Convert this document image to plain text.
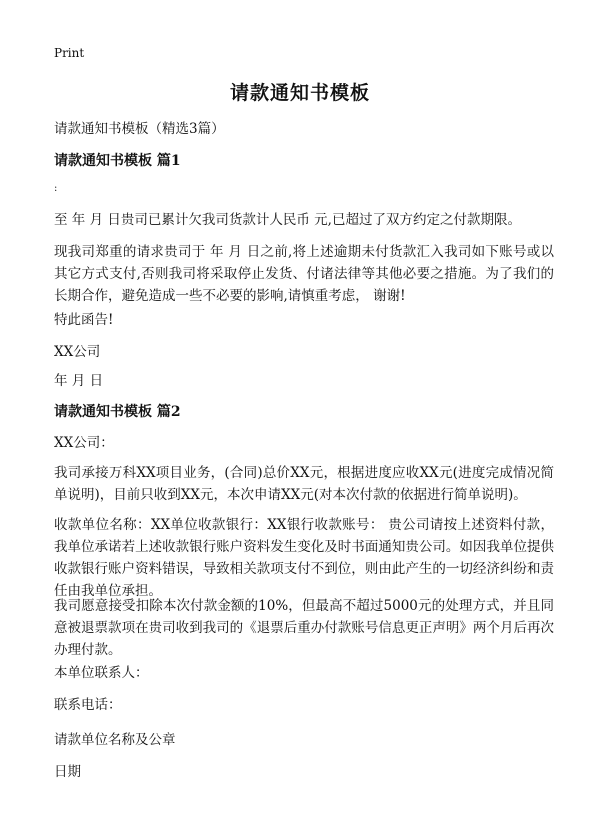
Print
请款通知书模板
请款通知书模板（精选3篇）
请款通知书模板 篇1
:
至 年 月 日贵司已累计欠我司货款计人民币 元,已超过了双方约定之付款期限。
现我司郑重的请求贵司于 年 月 日之前,将上述逾期未付货款汇入我司如下账号或以其它方式支付,否则我司将采取停止发货、付诸法律等其他必要之措施。为了我们的长期合作，避免造成一些不必要的影响,请慎重考虑， 谢谢!
特此函告!
XX公司
年 月 日
请款通知书模板 篇2
XX公司：
我司承接万科XX项目业务，(合同)总价XX元，根据进度应收XX元(进度完成情况简单说明)，目前只收到XX元，本次申请XX元(对本次付款的依据进行简单说明)。
收款单位名称：XX单位收款银行：XX银行收款账号： 贵公司请按上述资料付款，我单位承诺若上述收款银行账户资料发生变化及时书面通知贵公司。如因我单位提供收款银行账户资料错误，导致相关款项支付不到位，则由此产生的一切经济纠纷和责任由我单位承担。
我司愿意接受扣除本次付款金额的10%，但最高不超过5000元的处理方式，并且同意被退票款项在贵司收到我司的《退票后重办付款账号信息更正声明》两个月后再次办理付款。
本单位联系人：
联系电话：
请款单位名称及公章
日期
